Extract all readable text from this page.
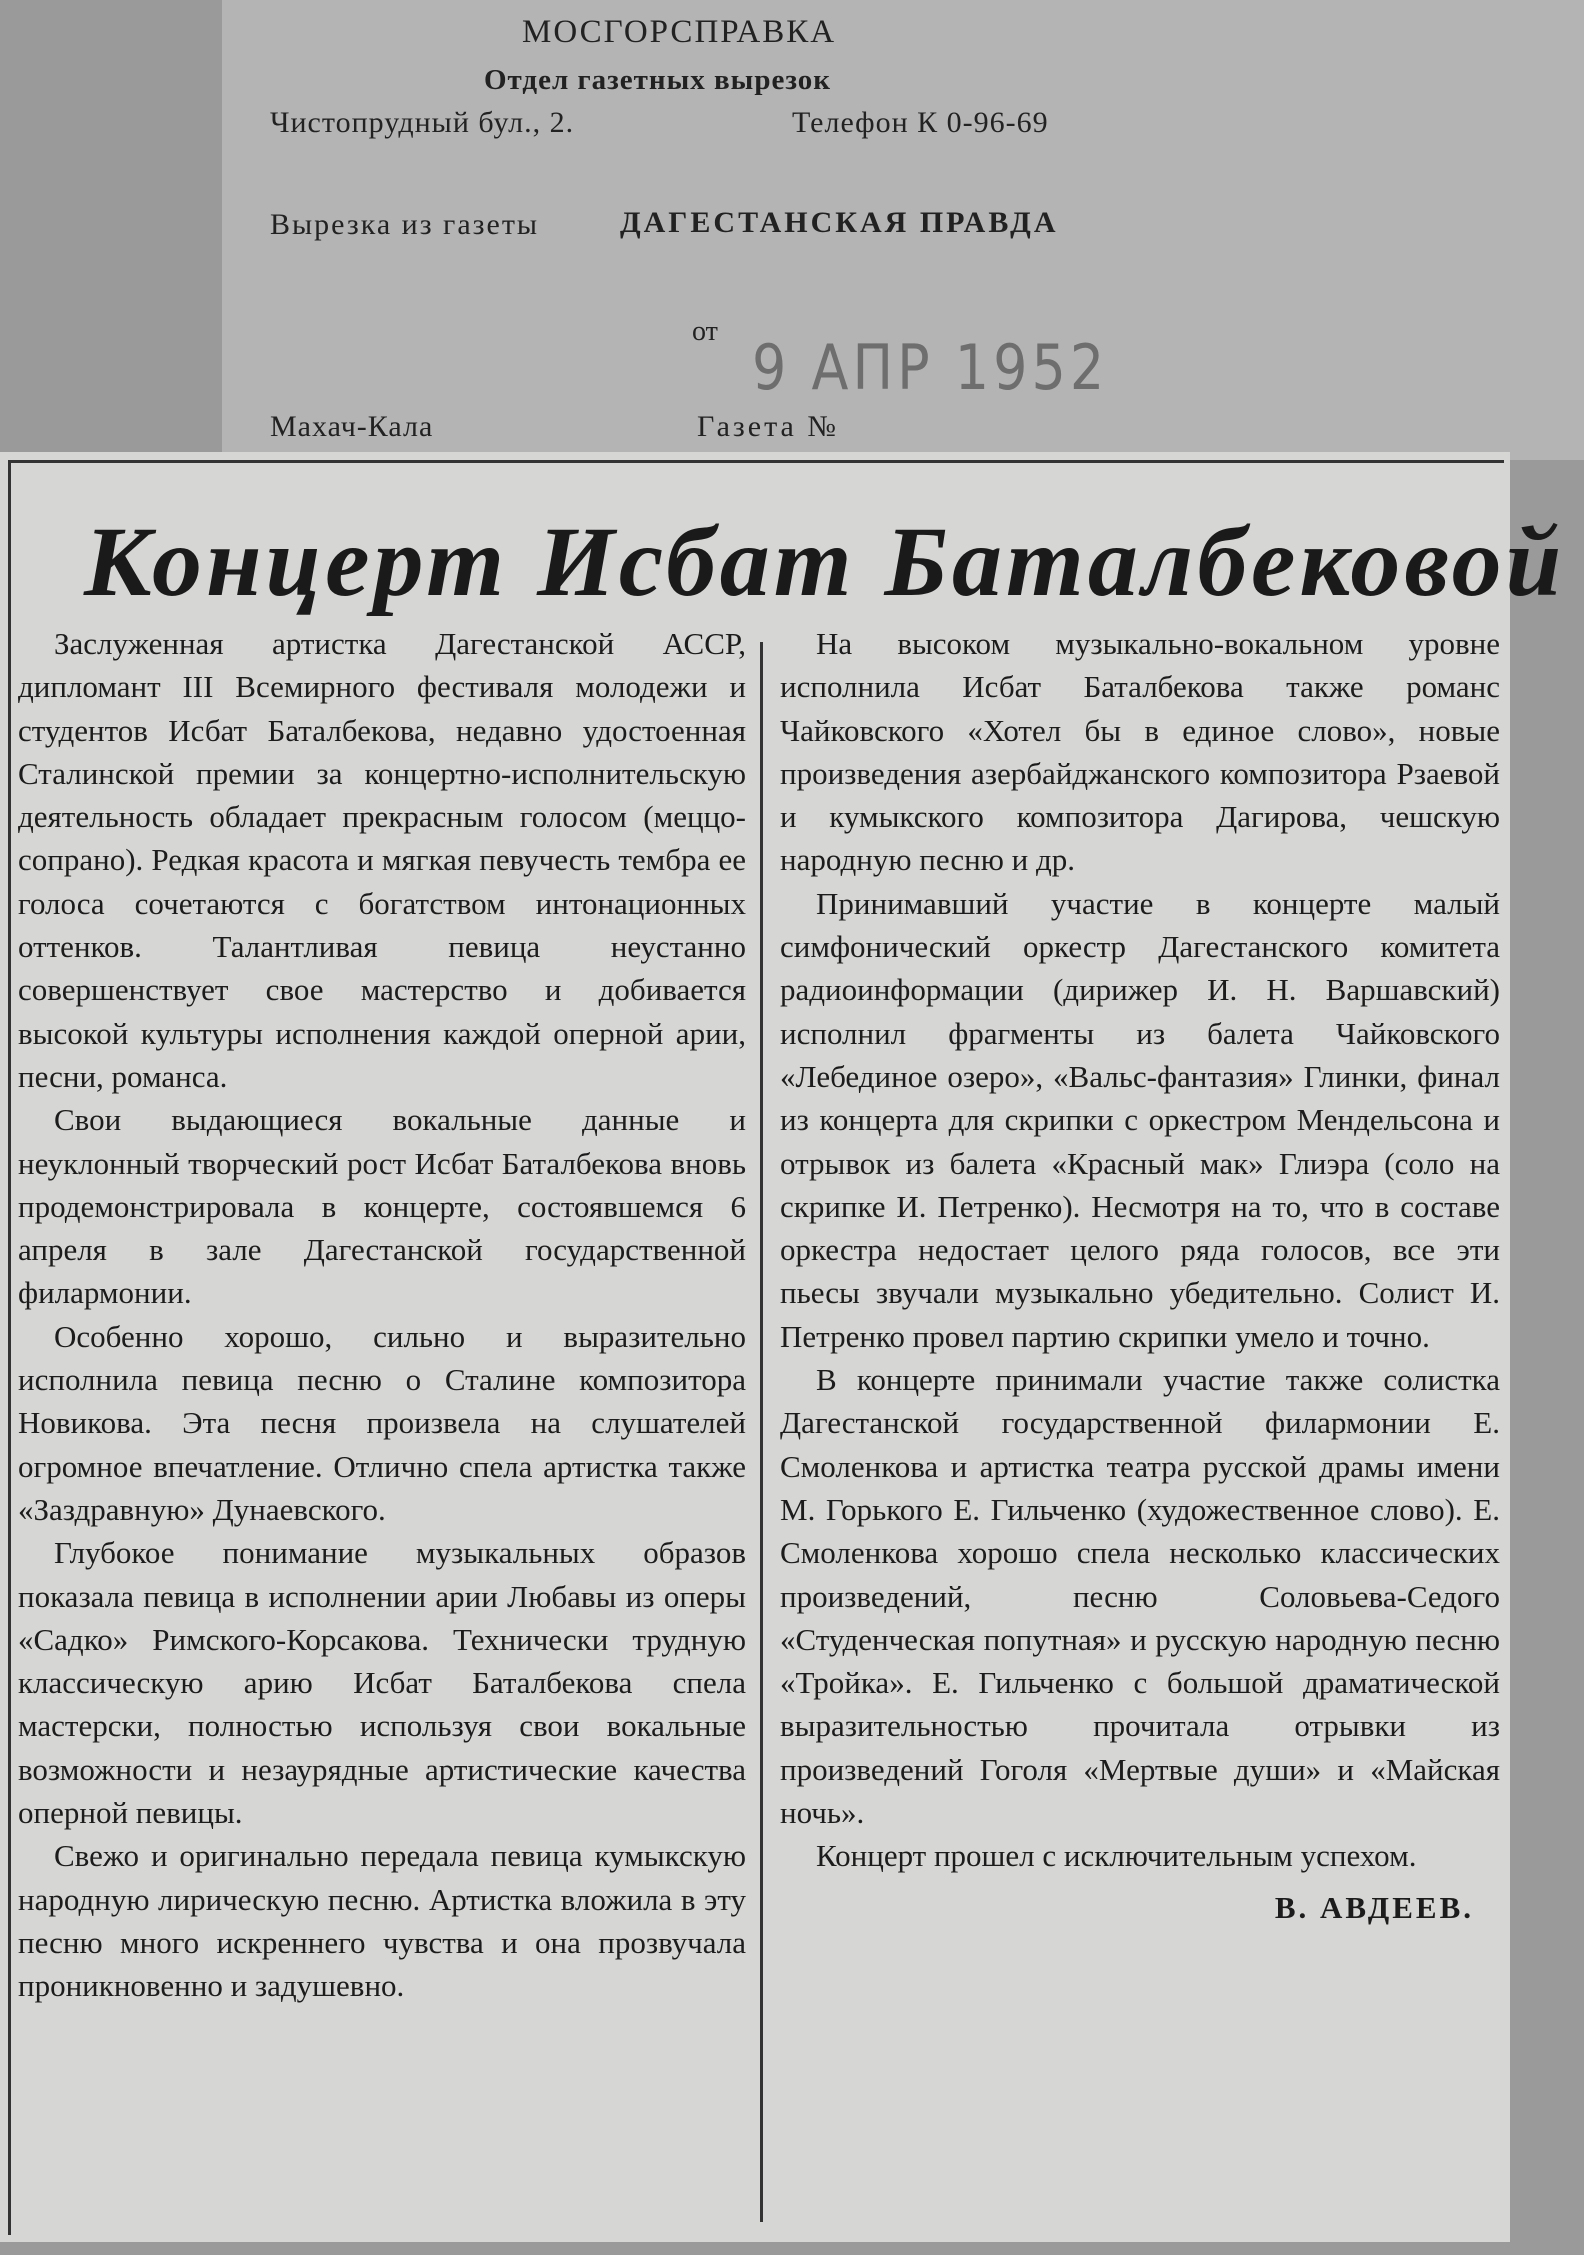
МОСГОРСПРАВКА
Отдел газетных вырезок
Чистопрудный бул., 2.	Телефон К 0-96-69
Вырезка из газеты	ДАГЕСТАНСКАЯ ПРАВДА
от 9 АПР 1952
Махач-Кала	Газета №
Концерт Исбат Баталбековой

Заслуженная артистка Дагестанской АССР, дипломант III Всемирного фестиваля молодежи и студентов Исбат Баталбекова, недавно удостоенная Сталинской премии за концертно-исполнительскую деятельность обладает прекрасным голосом (меццо-сопрано). Редкая красота и мягкая певучесть тембра ее голоса сочетаются с богатством интонационных оттенков. Талантливая певица неустанно совершенствует свое мастерство и добивается высокой культуры исполнения каждой оперной арии, песни, романса.

Свои выдающиеся вокальные данные и неуклонный творческий рост Исбат Баталбекова вновь продемонстрировала в концерте, состоявшемся 6 апреля в зале Дагестанской государственной филармонии.

Особенно хорошо, сильно и выразительно исполнила певица песню о Сталине композитора Новикова. Эта песня произвела на слушателей огромное впечатление. Отлично спела артистка также «Заздравную» Дунаевского.

Глубокое понимание музыкальных образов показала певица в исполнении арии Любавы из оперы «Садко» Римского-Корсакова. Технически трудную классическую арию Исбат Баталбекова спела мастерски, полностью используя свои вокальные возможности и незаурядные артистические качества оперной певицы.

Свежо и оригинально передала певица кумыкскую народную лирическую песню. Артистка вложила в эту песню много искреннего чувства и она прозвучала проникновенно и задушевно.

На высоком музыкально-вокальном уровне исполнила Исбат Баталбекова также романс Чайковского «Хотел бы в единое слово», новые произведения азербайджанского композитора Рзаевой и кумыкского композитора Дагирова, чешскую народную песню и др.

Принимавший участие в концерте малый симфонический оркестр Дагестанского комитета радиоинформации (дирижер И. Н. Варшавский) исполнил фрагменты из балета Чайковского «Лебединое озеро», «Вальс-фантазия» Глинки, финал из концерта для скрипки с оркестром Мендельсона и отрывок из балета «Красный мак» Глиэра (соло на скрипке И. Петренко). Несмотря на то, что в составе оркестра недостает целого ряда голосов, все эти пьесы звучали музыкально убедительно. Солист И. Петренко провел партию скрипки умело и точно.

В концерте принимали участие также солистка Дагестанской государственной филармонии Е. Смоленкова и артистка театра русской драмы имени М. Горького Е. Гильченко (художественное слово). Е. Смоленкова хорошо спела несколько классических произведений, песню Соловьева-Седого «Студенческая попутная» и русскую народную песню «Тройка». Е. Гильченко с большой драматической выразительностью прочитала отрывки из произведений Гоголя «Мертвые души» и «Майская ночь».

Концерт прошел с исключительным успехом.

В. АВДЕЕВ.
